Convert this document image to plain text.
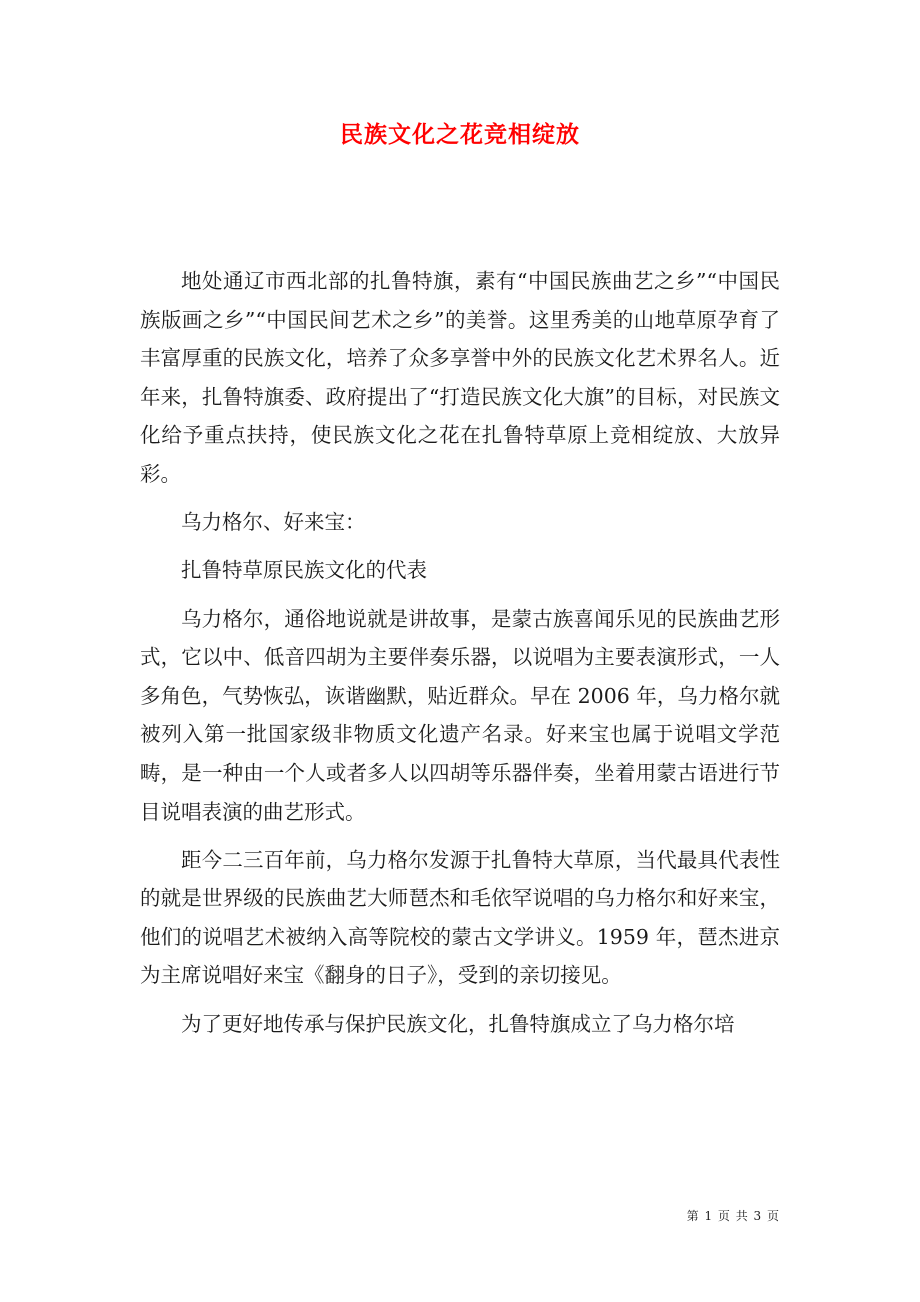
民族文化之花竞相绽放

地处通辽市西北部的扎鲁特旗，素有“中国民族曲艺之乡”“中国民族版画之乡”“中国民间艺术之乡”的美誉。这里秀美的山地草原孕育了丰富厚重的民族文化，培养了众多享誉中外的民族文化艺术界名人。近年来，扎鲁特旗委、政府提出了“打造民族文化大旗”的目标，对民族文化给予重点扶持，使民族文化之花在扎鲁特草原上竞相绽放、大放异彩。

乌力格尔、好来宝：

扎鲁特草原民族文化的代表

乌力格尔，通俗地说就是讲故事，是蒙古族喜闻乐见的民族曲艺形式，它以中、低音四胡为主要伴奏乐器，以说唱为主要表演形式，一人多角色，气势恢弘，诙谐幽默，贴近群众。早在 2006 年，乌力格尔就被列入第一批国家级非物质文化遗产名录。好来宝也属于说唱文学范畴，是一种由一个人或者多人以四胡等乐器伴奏，坐着用蒙古语进行节目说唱表演的曲艺形式。

距今二三百年前，乌力格尔发源于扎鲁特大草原，当代最具代表性的就是世界级的民族曲艺大师琶杰和毛依罕说唱的乌力格尔和好来宝，他们的说唱艺术被纳入高等院校的蒙古文学讲义。1959 年，琶杰进京为主席说唱好来宝《翻身的日子》，受到的亲切接见。

为了更好地传承与保护民族文化，扎鲁特旗成立了乌力格尔培

第 1 页 共 3 页
